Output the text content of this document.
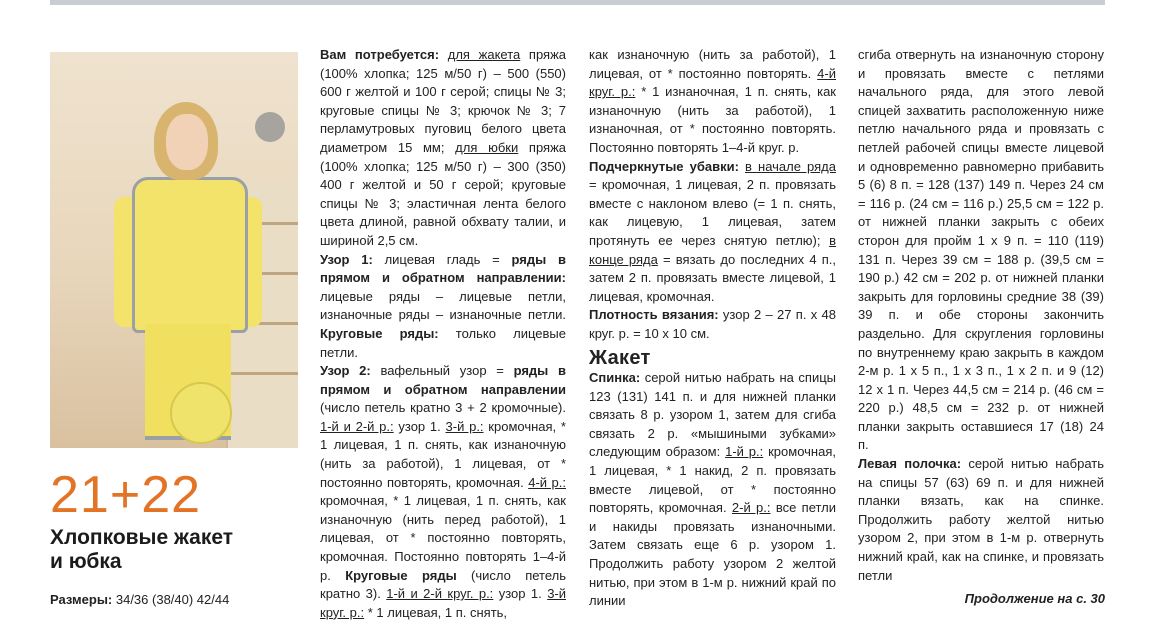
21+22
Хлопковые жакет
и юбка
Размеры: 34/36 (38/40) 42/44

Вам потребуется: для жакета пряжа (100% хлопка; 125 м/50 г) – 500 (550) 600 г желтой и 100 г серой; спицы № 3; круговые спицы № 3; крючок № 3; 7 перламутровых пуговиц белого цвета диаметром 15 мм; для юбки пряжа (100% хлопка; 125 м/50 г) – 300 (350) 400 г желтой и 50 г серой; круговые спицы № 3; эластичная лента белого цвета длиной, равной обхвату талии, и шириной 2,5 см.

Узор 1: лицевая гладь = ряды в прямом и обратном направлении: лицевые ряды – лицевые петли, изнаночные ряды – изнаночные петли. Круговые ряды: только лицевые петли.

Узор 2: вафельный узор = ряды в прямом и обратном направлении (число петель кратно 3 + 2 кромочные). 1-й и 2-й р.: узор 1. 3-й р.: кромочная, * 1 лицевая, 1 п. снять, как изнаночную (нить за работой), 1 лицевая, от * постоянно повторять, кромочная. 4-й р.: кромочная, * 1 лицевая, 1 п. снять, как изнаночную (нить перед работой), 1 лицевая, от * постоянно повторять, кромочная. Постоянно повторять 1–4-й р. Круговые ряды (число петель кратно 3). 1-й и 2-й круг. р.: узор 1. 3-й круг. р.: * 1 лицевая, 1 п. снять,

как изнаночную (нить за работой), 1 лицевая, от * постоянно повторять. 4-й круг. р.: * 1 изнаночная, 1 п. снять, как изнаночную (нить за работой), 1 изнаночная, от * постоянно повторять. Постоянно повторять 1–4-й круг. р.

Подчеркнутые убавки: в начале ряда = кромочная, 1 лицевая, 2 п. провязать вместе с наклоном влево (= 1 п. снять, как лицевую, 1 лицевая, затем протянуть ее через снятую петлю); в конце ряда = вязать до последних 4 п., затем 2 п. провязать вместе лицевой, 1 лицевая, кромочная.

Плотность вязания: узор 2 – 27 п. х 48 круг. р. = 10 х 10 см.

Жакет

Спинка: серой нитью набрать на спицы 123 (131) 141 п. и для нижней планки связать 8 р. узором 1, затем для сгиба связать 2 р. «мышиными зубками» следующим образом: 1-й р.: кромочная, 1 лицевая, * 1 накид, 2 п. провязать вместе лицевой, от * постоянно повторять, кромочная. 2-й р.: все петли и накиды провязать изнаночными. Затем связать еще 6 р. узором 1. Продолжить работу узором 2 желтой нитью, при этом в 1-м р. нижний край по линии

сгиба отвернуть на изнаночную сторону и провязать вместе с петлями начального ряда, для этого левой спицей захватить расположенную ниже петлю начального ряда и провязать с петлей рабочей спицы вместе лицевой и одновременно равномерно прибавить 5 (6) 8 п. = 128 (137) 149 п. Через 24 см = 116 р. (24 см = 116 р.) 25,5 см = 122 р. от нижней планки закрыть с обеих сторон для пройм 1 х 9 п. = 110 (119) 131 п. Через 39 см = 188 р. (39,5 см = 190 р.) 42 см = 202 р. от нижней планки закрыть для горловины средние 38 (39) 39 п. и обе стороны закончить раздельно. Для скругления горловины по внутреннему краю закрыть в каждом 2-м р. 1 х 5 п., 1 х 3 п., 1 х 2 п. и 9 (12) 12 х 1 п. Через 44,5 см = 214 р. (46 см = 220 р.) 48,5 см = 232 р. от нижней планки закрыть оставшиеся 17 (18) 24 п.

Левая полочка: серой нитью набрать на спицы 57 (63) 69 п. и для нижней планки вязать, как на спинке. Продолжить работу желтой нитью узором 2, при этом в 1-м р. отвернуть нижний край, как на спинке, и провязать петли

Продолжение на с. 30
